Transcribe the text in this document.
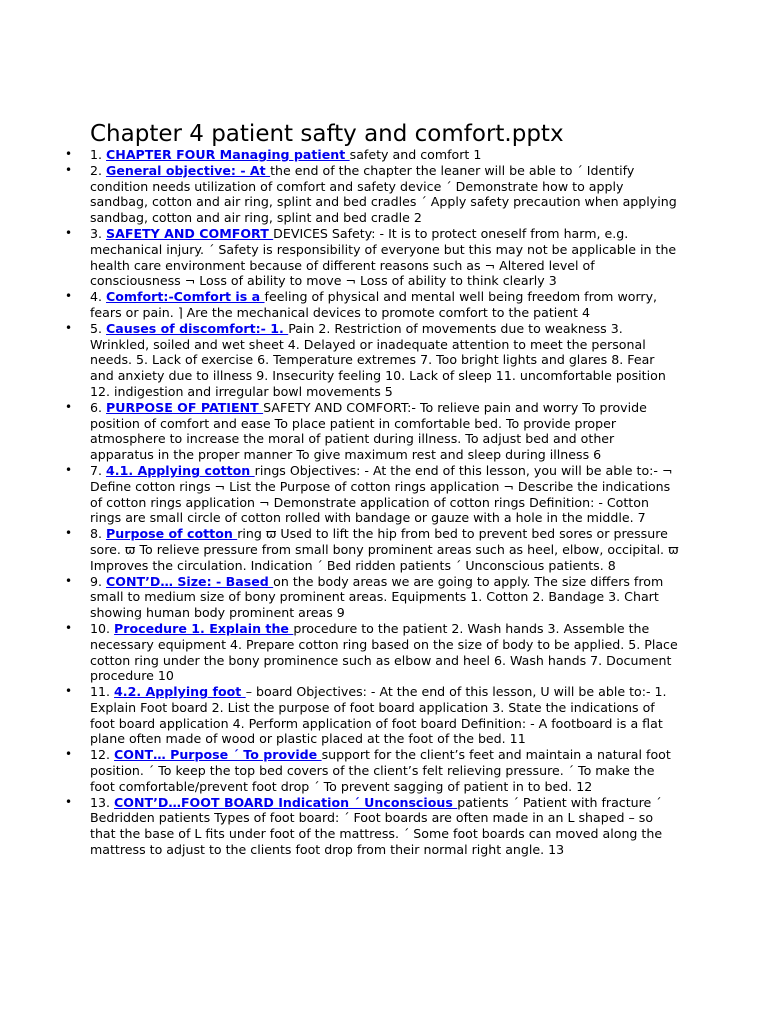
Chapter 4 patient safty and comfort.pptx
• 1. CHAPTER FOUR Managing patient safety and comfort 1
• 2. General objective: - At the end of the chapter the leaner will be able to ´ Identify condition needs utilization of comfort and safety device ´ Demonstrate how to apply sandbag, cotton and air ring, splint and bed cradles ´ Apply safety precaution when applying sandbag, cotton and air ring, splint and bed cradle 2
• 3. SAFETY AND COMFORT DEVICES Safety: - It is to protect oneself from harm, e.g. mechanical injury. ´ Safety is responsibility of everyone but this may not be applicable in the health care environment because of different reasons such as ¬ Altered level of consciousness ¬ Loss of ability to move ¬ Loss of ability to think clearly 3
• 4. Comfort:-Comfort is a feeling of physical and mental well being freedom from worry, fears or pain. ⌉ Are the mechanical devices to promote comfort to the patient 4
• 5. Causes of discomfort:- 1. Pain 2. Restriction of movements due to weakness 3. Wrinkled, soiled and wet sheet 4. Delayed or inadequate attention to meet the personal needs. 5. Lack of exercise 6. Temperature extremes 7. Too bright lights and glares 8. Fear and anxiety due to illness 9. Insecurity feeling 10. Lack of sleep 11. uncomfortable position 12. indigestion and irregular bowl movements 5
• 6. PURPOSE OF PATIENT SAFETY AND COMFORT:- To relieve pain and worry To provide position of comfort and ease To place patient in comfortable bed. To provide proper atmosphere to increase the moral of patient during illness. To adjust bed and other apparatus in the proper manner To give maximum rest and sleep during illness 6
• 7. 4.1. Applying cotton rings Objectives: - At the end of this lesson, you will be able to:- ¬ Define cotton rings ¬ List the Purpose of cotton rings application ¬ Describe the indications of cotton rings application ¬ Demonstrate application of cotton rings Definition: - Cotton rings are small circle of cotton rolled with bandage or gauze with a hole in the middle. 7
• 8. Purpose of cotton ring ϖ Used to lift the hip from bed to prevent bed sores or pressure sore. ϖ To relieve pressure from small bony prominent areas such as heel, elbow, occipital. ϖ Improves the circulation. Indication ´ Bed ridden patients ´ Unconscious patients. 8
• 9. CONT’D… Size: - Based on the body areas we are going to apply. The size differs from small to medium size of bony prominent areas. Equipments 1. Cotton 2. Bandage 3. Chart showing human body prominent areas 9
• 10. Procedure 1. Explain the procedure to the patient 2. Wash hands 3. Assemble the necessary equipment 4. Prepare cotton ring based on the size of body to be applied. 5. Place cotton ring under the bony prominence such as elbow and heel 6. Wash hands 7. Document procedure 10
• 11. 4.2. Applying foot – board Objectives: - At the end of this lesson, U will be able to:- 1. Explain Foot board 2. List the purpose of foot board application 3. State the indications of foot board application 4. Perform application of foot board Definition: - A footboard is a flat plane often made of wood or plastic placed at the foot of the bed. 11
• 12. CONT… Purpose ´ To provide support for the client’s feet and maintain a natural foot position. ´ To keep the top bed covers of the client’s felt relieving pressure. ´ To make the foot comfortable/prevent foot drop ´ To prevent sagging of patient in to bed. 12
• 13. CONT’D…FOOT BOARD Indication ´ Unconscious patients ´ Patient with fracture ´ Bedridden patients Types of foot board: ´ Foot boards are often made in an L shaped – so that the base of L fits under foot of the mattress. ´ Some foot boards can moved along the mattress to adjust to the clients foot drop from their normal right angle. 13
